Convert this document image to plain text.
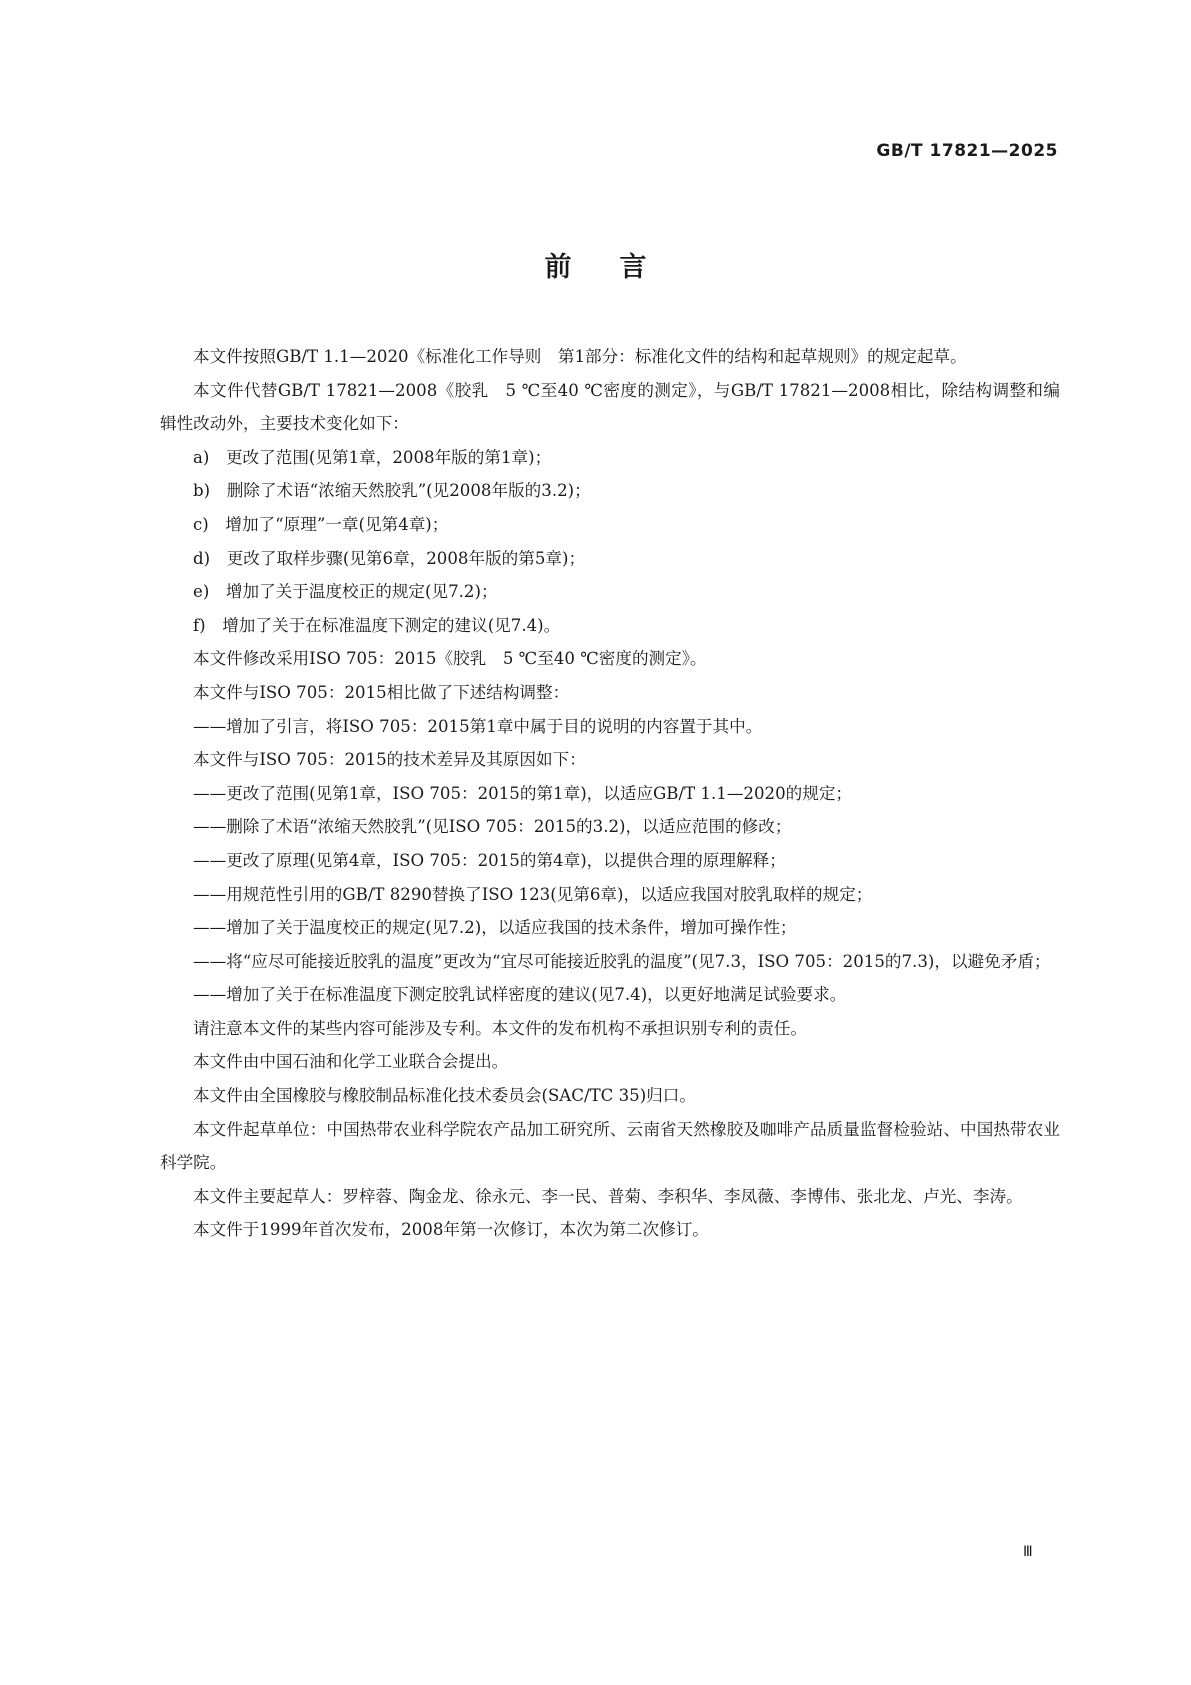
GB/T 17821—2025
前言

本文件按照GB/T 1.1—2020《标准化工作导则　第1部分：标准化文件的结构和起草规则》的规定起草。

本文件代替GB/T 17821—2008《胶乳　5 ℃至40 ℃密度的测定》，与GB/T 17821—2008相比，除结构调整和编辑性改动外，主要技术变化如下：

a)　更改了范围(见第1章，2008年版的第1章)；

b)　删除了术语“浓缩天然胶乳”(见2008年版的3.2)；

c)　增加了“原理”一章(见第4章)；

d)　更改了取样步骤(见第6章，2008年版的第5章)；

e)　增加了关于温度校正的规定(见7.2)；

f)　增加了关于在标准温度下测定的建议(见7.4)。

本文件修改采用ISO 705：2015《胶乳　5 ℃至40 ℃密度的测定》。

本文件与ISO 705：2015相比做了下述结构调整：

——增加了引言，将ISO 705：2015第1章中属于目的说明的内容置于其中。

本文件与ISO 705：2015的技术差异及其原因如下：

——更改了范围(见第1章，ISO 705：2015的第1章)，以适应GB/T 1.1—2020的规定；

——删除了术语“浓缩天然胶乳”(见ISO 705：2015的3.2)，以适应范围的修改；

——更改了原理(见第4章，ISO 705：2015的第4章)，以提供合理的原理解释；

——用规范性引用的GB/T 8290替换了ISO 123(见第6章)，以适应我国对胶乳取样的规定；

——增加了关于温度校正的规定(见7.2)，以适应我国的技术条件，增加可操作性；

——将“应尽可能接近胶乳的温度”更改为“宜尽可能接近胶乳的温度”(见7.3，ISO 705：2015的7.3)，以避免矛盾；

——增加了关于在标准温度下测定胶乳试样密度的建议(见7.4)，以更好地满足试验要求。

请注意本文件的某些内容可能涉及专利。本文件的发布机构不承担识别专利的责任。

本文件由中国石油和化学工业联合会提出。

本文件由全国橡胶与橡胶制品标准化技术委员会(SAC/TC 35)归口。

本文件起草单位：中国热带农业科学院农产品加工研究所、云南省天然橡胶及咖啡产品质量监督检验站、中国热带农业科学院。

本文件主要起草人：罗梓蓉、陶金龙、徐永元、李一民、普菊、李积华、李凤薇、李博伟、张北龙、卢光、李涛。

本文件于1999年首次发布，2008年第一次修订，本次为第二次修订。

Ⅲ
